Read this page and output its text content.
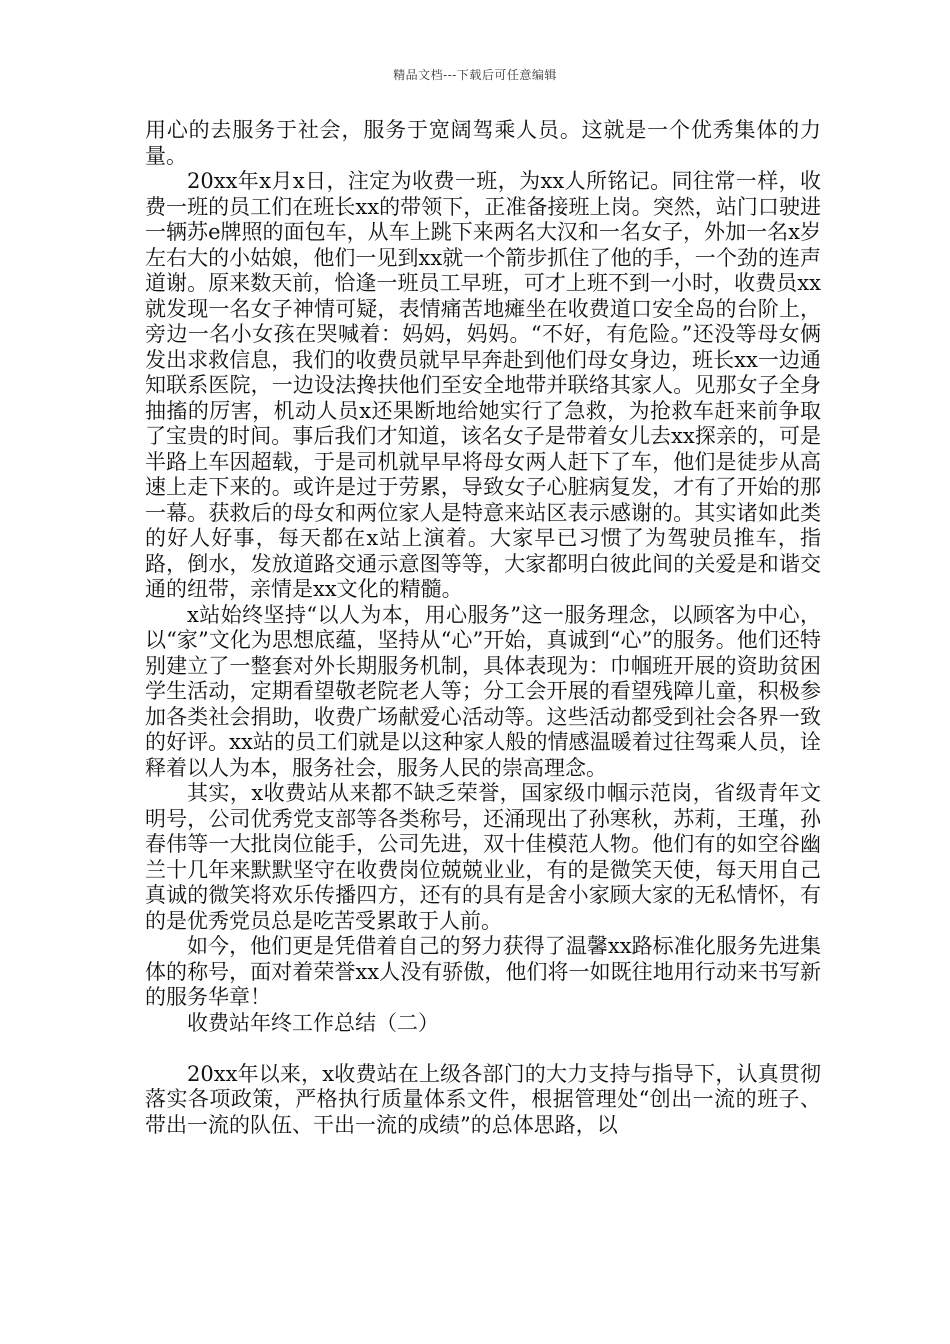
精品文档---下载后可任意编辑

用心的去服务于社会，服务于宽阔驾乘人员。这就是一个优秀集体的力量。

20xx年x月x日，注定为收费一班，为xx人所铭记。同往常一样，收费一班的员工们在班长xx的带领下，正准备接班上岗。突然，站门口驶进一辆苏e牌照的面包车，从车上跳下来两名大汉和一名女子，外加一名x岁左右大的小姑娘，他们一见到xx就一个箭步抓住了他的手，一个劲的连声道谢。原来数天前，恰逢一班员工早班，可才上班不到一小时，收费员xx就发现一名女子神情可疑，表情痛苦地瘫坐在收费道口安全岛的台阶上，旁边一名小女孩在哭喊着：妈妈，妈妈。“不好，有危险。”还没等母女俩发出求救信息，我们的收费员就早早奔赴到他们母女身边，班长xx一边通知联系医院，一边设法搀扶他们至安全地带并联络其家人。见那女子全身抽搐的厉害，机动人员x还果断地给她实行了急救，为抢救车赶来前争取了宝贵的时间。事后我们才知道，该名女子是带着女儿去xx探亲的，可是半路上车因超载，于是司机就早早将母女两人赶下了车，他们是徒步从高速上走下来的。或许是过于劳累，导致女子心脏病复发，才有了开始的那一幕。获救后的母女和两位家人是特意来站区表示感谢的。其实诸如此类的好人好事，每天都在x站上演着。大家早已习惯了为驾驶员推车，指路，倒水，发放道路交通示意图等等，大家都明白彼此间的关爱是和谐交通的纽带，亲情是xx文化的精髓。

x站始终坚持“以人为本，用心服务”这一服务理念，以顾客为中心，以“家”文化为思想底蕴，坚持从“心”开始，真诚到“心”的服务。他们还特别建立了一整套对外长期服务机制，具体表现为：巾帼班开展的资助贫困学生活动，定期看望敬老院老人等；分工会开展的看望残障儿童，积极参加各类社会捐助，收费广场献爱心活动等。这些活动都受到社会各界一致的好评。xx站的员工们就是以这种家人般的情感温暖着过往驾乘人员，诠释着以人为本，服务社会，服务人民的崇高理念。

其实，x收费站从来都不缺乏荣誉，国家级巾帼示范岗，省级青年文明号，公司优秀党支部等各类称号，还涌现出了孙寒秋，苏莉，王瑾，孙春伟等一大批岗位能手，公司先进，双十佳模范人物。他们有的如空谷幽兰十几年来默默坚守在收费岗位兢兢业业，有的是微笑天使，每天用自己真诚的微笑将欢乐传播四方，还有的具有是舍小家顾大家的无私情怀，有的是优秀党员总是吃苦受累敢于人前。

如今，他们更是凭借着自己的努力获得了温馨xx路标准化服务先进集体的称号，面对着荣誉xx人没有骄傲，他们将一如既往地用行动来书写新的服务华章！

收费站年终工作总结（二）

20xx年以来，x收费站在上级各部门的大力支持与指导下，认真贯彻落实各项政策，严格执行质量体系文件，根据管理处“创出一流的班子、带出一流的队伍、干出一流的成绩”的总体思路，以
